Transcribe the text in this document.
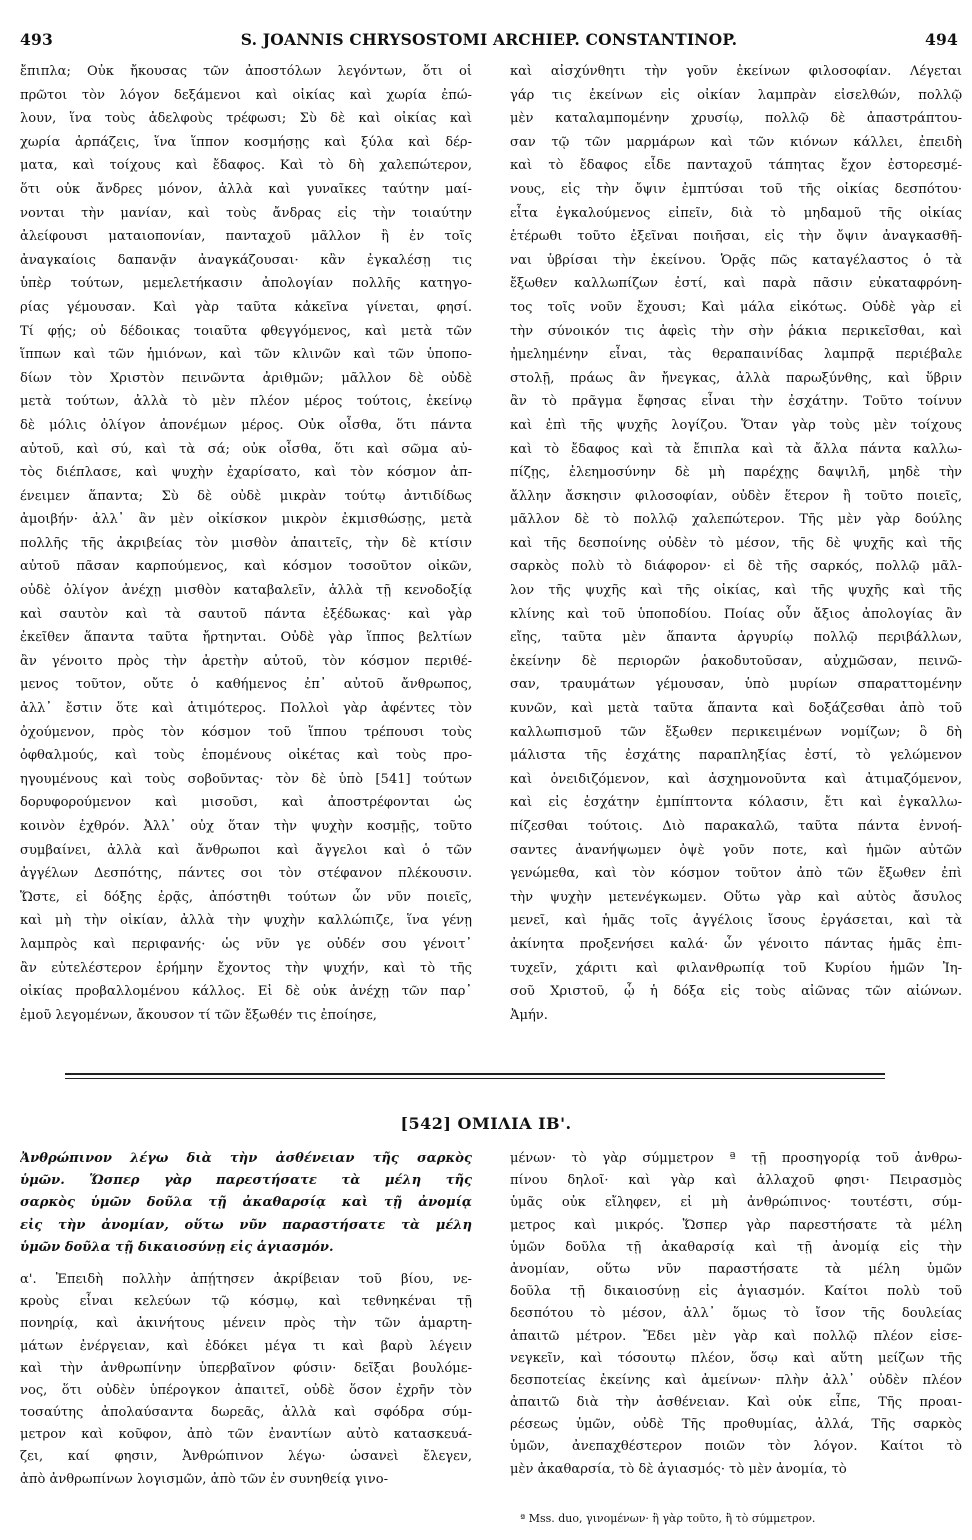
493	S. JOANNIS CHRYSOSTOMI ARCHIEP. CONSTANTINOP.	494
ἔπιπλα; Οὐκ ἤκουσας τῶν ἀποστόλων λεγόντων, ὅτι οἱ
πρῶτοι τὸν λόγον δεξάμενοι καὶ οἰκίας καὶ χωρία ἐπώ-
λουν, ἵνα τοὺς ἀδελφοὺς τρέφωσι; Σὺ δὲ καὶ οἰκίας καὶ
χωρία ἁρπάζεις, ἵνα ἵππον κοσμήσῃς καὶ ξύλα καὶ δέρ-
ματα, καὶ τοίχους καὶ ἔδαφος. Καὶ τὸ δὴ χαλεπώτερον,
ὅτι οὐκ ἄνδρες μόνον, ἀλλὰ καὶ γυναῖκες ταύτην μαί-
νονται τὴν μανίαν, καὶ τοὺς ἄνδρας εἰς τὴν τοιαύτην
ἀλείφουσι ματαιοπονίαν, πανταχοῦ μᾶλλον ἢ ἐν τοῖς
ἀναγκαίοις δαπανᾷν ἀναγκάζουσαι· κἂν ἐγκαλέσῃ τις
ὑπὲρ τούτων, μεμελετήκασιν ἀπολογίαν πολλῆς κατηγο-
ρίας γέμουσαν. Καὶ γὰρ ταῦτα κἀκεῖνα γίνεται, φησί.
Τί φῄς; οὐ δέδοικας τοιαῦτα φθεγγόμενος, καὶ μετὰ τῶν
ἵππων καὶ τῶν ἡμιόνων, καὶ τῶν κλινῶν καὶ τῶν ὑποπο-
δίων τὸν Χριστὸν πεινῶντα ἀριθμῶν; μᾶλλον δὲ οὐδὲ
μετὰ τούτων, ἀλλὰ τὸ μὲν πλέον μέρος τούτοις, ἐκείνῳ
δὲ μόλις ὀλίγον ἀπονέμων μέρος. Οὐκ οἶσθα, ὅτι πάντα
αὐτοῦ, καὶ σύ, καὶ τὰ σά; οὐκ οἶσθα, ὅτι καὶ σῶμα αὐ-
τὸς διέπλασε, καὶ ψυχὴν ἐχαρίσατο, καὶ τὸν κόσμον ἀπ-
ένειμεν ἅπαντα; Σὺ δὲ οὐδὲ μικρὰν τούτῳ ἀντιδίδως
ἀμοιβήν· ἀλλ᾽ ἂν μὲν οἰκίσκον μικρὸν ἐκμισθώσῃς, μετὰ
πολλῆς τῆς ἀκριβείας τὸν μισθὸν ἀπαιτεῖς, τὴν δὲ κτίσιν
αὐτοῦ πᾶσαν καρπούμενος, καὶ κόσμον τοσοῦτον οἰκῶν,
οὐδὲ ὀλίγον ἀνέχῃ μισθὸν καταβαλεῖν, ἀλλὰ τῇ κενοδοξίᾳ
καὶ σαυτὸν καὶ τὰ σαυτοῦ πάντα ἐξέδωκας· καὶ γὰρ
ἐκεῖθεν ἅπαντα ταῦτα ἤρτηνται. Οὐδὲ γὰρ ἵππος βελτίων
ἂν γένοιτο πρὸς τὴν ἀρετὴν αὐτοῦ, τὸν κόσμον περιθέ-
μενος τοῦτον, οὔτε ὁ καθήμενος ἐπ᾽ αὐτοῦ ἄνθρωπος,
ἀλλ᾽ ἔστιν ὅτε καὶ ἀτιμότερος. Πολλοὶ γὰρ ἀφέντες τὸν
ὀχούμενον, πρὸς τὸν κόσμον τοῦ ἵππου τρέπουσι τοὺς
ὀφθαλμούς, καὶ τοὺς ἑπομένους οἰκέτας καὶ τοὺς προ-
ηγουμένους καὶ τοὺς σοβοῦντας· τὸν δὲ ὑπὸ [541] τούτων
δορυφορούμενον καὶ μισοῦσι, καὶ ἀποστρέφονται ὡς
κοινὸν ἐχθρόν. Ἀλλ᾽ οὐχ ὅταν τὴν ψυχὴν κοσμῇς, τοῦτο
συμβαίνει, ἀλλὰ καὶ ἄνθρωποι καὶ ἄγγελοι καὶ ὁ τῶν
ἀγγέλων Δεσπότης, πάντες σοι τὸν στέφανον πλέκουσιν.
Ὥστε, εἰ δόξης ἐρᾷς, ἀπόστηθι τούτων ὧν νῦν ποιεῖς,
καὶ μὴ τὴν οἰκίαν, ἀλλὰ τὴν ψυχὴν καλλώπιζε, ἵνα γένῃ
λαμπρὸς καὶ περιφανής· ὡς νῦν γε οὐδέν σου γένοιτ᾽
ἂν εὐτελέστερον ἐρήμην ἔχοντος τὴν ψυχήν, καὶ τὸ τῆς
οἰκίας προβαλλομένου κάλλος. Εἰ δὲ οὐκ ἀνέχῃ τῶν παρ᾽
ἐμοῦ λεγομένων, ἄκουσον τί τῶν ἔξωθέν τις ἐποίησε,
καὶ αἰσχύνθητι τὴν γοῦν ἐκείνων φιλοσοφίαν. Λέγεται
γάρ τις ἐκείνων εἰς οἰκίαν λαμπρὰν εἰσελθών, πολλῷ
μὲν καταλαμπομένην χρυσίῳ, πολλῷ δὲ ἀπαστράπτου-
σαν τῷ τῶν μαρμάρων καὶ τῶν κιόνων κάλλει, ἐπειδὴ
καὶ τὸ ἔδαφος εἶδε πανταχοῦ τάπητας ἔχον ἐστορεσμέ-
νους, εἰς τὴν ὄψιν ἐμπτύσαι τοῦ τῆς οἰκίας δεσπότου·
εἶτα ἐγκαλούμενος εἰπεῖν, διὰ τὸ μηδαμοῦ τῆς οἰκίας
ἑτέρωθι τοῦτο ἐξεῖναι ποιῆσαι, εἰς τὴν ὄψιν ἀναγκασθῆ-
ναι ὑβρίσαι τὴν ἐκείνου. Ὁρᾷς πῶς καταγέλαστος ὁ τὰ
ἔξωθεν καλλωπίζων ἐστί, καὶ παρὰ πᾶσιν εὐκαταφρόνη-
τος τοῖς νοῦν ἔχουσι; Καὶ μάλα εἰκότως. Οὐδὲ γὰρ εἰ
τὴν σύνοικόν τις ἀφεὶς τὴν σὴν ῥάκια περικεῖσθαι, καὶ
ἠμελημένην εἶναι, τὰς θεραπαινίδας λαμπρᾷ περιέβαλε
στολῇ, πράως ἂν ἤνεγκας, ἀλλὰ παρωξύνθης, καὶ ὕβριν
ἂν τὸ πρᾶγμα ἔφησας εἶναι τὴν ἐσχάτην. Τοῦτο τοίνυν
καὶ ἐπὶ τῆς ψυχῆς λογίζου. Ὅταν γὰρ τοὺς μὲν τοίχους
καὶ τὸ ἔδαφος καὶ τὰ ἔπιπλα καὶ τὰ ἄλλα πάντα καλλω-
πίζῃς, ἐλεημοσύνην δὲ μὴ παρέχῃς δαψιλῆ, μηδὲ τὴν
ἄλλην ἄσκησιν φιλοσοφίαν, οὐδὲν ἕτερον ἢ τοῦτο ποιεῖς,
μᾶλλον δὲ τὸ πολλῷ χαλεπώτερον. Τῆς μὲν γὰρ δούλης
καὶ τῆς δεσποίνης οὐδὲν τὸ μέσον, τῆς δὲ ψυχῆς καὶ τῆς
σαρκὸς πολὺ τὸ διάφορον· εἰ δὲ τῆς σαρκός, πολλῷ μᾶλ-
λον τῆς ψυχῆς καὶ τῆς οἰκίας, καὶ τῆς ψυχῆς καὶ τῆς
κλίνης καὶ τοῦ ὑποποδίου. Ποίας οὖν ἄξιος ἀπολογίας ἂν
εἴης, ταῦτα μὲν ἅπαντα ἀργυρίῳ πολλῷ περιβάλλων,
ἐκείνην δὲ περιορῶν ῥακοδυτοῦσαν, αὐχμῶσαν, πεινῶ-
σαν, τραυμάτων γέμουσαν, ὑπὸ μυρίων σπαραττομένην
κυνῶν, καὶ μετὰ ταῦτα ἅπαντα καὶ δοξάζεσθαι ἀπὸ τοῦ
καλλωπισμοῦ τῶν ἔξωθεν περικειμένων νομίζων; ὃ δὴ
μάλιστα τῆς ἐσχάτης παραπληξίας ἐστί, τὸ γελώμενον
καὶ ὀνειδιζόμενον, καὶ ἀσχημονοῦντα καὶ ἀτιμαζόμενον,
καὶ εἰς ἐσχάτην ἐμπίπτοντα κόλασιν, ἔτι καὶ ἐγκαλλω-
πίζεσθαι τούτοις. Διὸ παρακαλῶ, ταῦτα πάντα ἐννοή-
σαντες ἀνανήψωμεν ὀψὲ γοῦν ποτε, καὶ ἡμῶν αὐτῶν
γενώμεθα, καὶ τὸν κόσμον τοῦτον ἀπὸ τῶν ἔξωθεν ἐπὶ
τὴν ψυχὴν μετενέγκωμεν. Οὕτω γὰρ καὶ αὐτὸς ἄσυλος
μενεῖ, καὶ ἡμᾶς τοῖς ἀγγέλοις ἴσους ἐργάσεται, καὶ τὰ
ἀκίνητα προξενήσει καλά· ὧν γένοιτο πάντας ἡμᾶς ἐπι-
τυχεῖν, χάριτι καὶ φιλανθρωπίᾳ τοῦ Κυρίου ἡμῶν Ἰη-
σοῦ Χριστοῦ, ᾧ ἡ δόξα εἰς τοὺς αἰῶνας τῶν αἰώνων.
Ἀμήν.
[542] ΟΜΙΛΙΑ ΙΒ'.
Ἀνθρώπινον λέγω διὰ τὴν ἀσθένειαν τῆς σαρκὸς
ὑμῶν. Ὥσπερ γὰρ παρεστήσατε τὰ μέλη τῆς
σαρκὸς ὑμῶν δοῦλα τῇ ἀκαθαρσίᾳ καὶ τῇ ἀνομίᾳ
εἰς τὴν ἀνομίαν, οὕτω νῦν παραστήσατε τὰ μέλη
ὑμῶν δοῦλα τῇ δικαιοσύνῃ εἰς ἁγιασμόν.
α'. Ἐπειδὴ πολλὴν ἀπῄτησεν ἀκρίβειαν τοῦ βίου, νε-
κροὺς εἶναι κελεύων τῷ κόσμῳ, καὶ τεθνηκέναι τῇ
πονηρίᾳ, καὶ ἀκινήτους μένειν πρὸς τὴν τῶν ἁμαρτη-
μάτων ἐνέργειαν, καὶ ἐδόκει μέγα τι καὶ βαρὺ λέγειν
καὶ τὴν ἀνθρωπίνην ὑπερβαῖνον φύσιν· δεῖξαι βουλόμε-
νος, ὅτι οὐδὲν ὑπέρογκον ἀπαιτεῖ, οὐδὲ ὅσον ἐχρῆν τὸν
τοσαύτης ἀπολαύσαντα δωρεᾶς, ἀλλὰ καὶ σφόδρα σύμ-
μετρον καὶ κοῦφον, ἀπὸ τῶν ἐναντίων αὐτὸ κατασκευά-
ζει, καί φησιν, Ἀνθρώπινον λέγω· ὡσανεὶ ἔλεγεν,
ἀπὸ ἀνθρωπίνων λογισμῶν, ἀπὸ τῶν ἐν συνηθείᾳ γινο-
μένων· τὸ γὰρ σύμμετρον ª τῇ προσηγορίᾳ τοῦ ἀνθρω-
πίνου δηλοῖ· καὶ γὰρ καὶ ἀλλαχοῦ φησι· Πειρασμὸς
ὑμᾶς οὐκ εἴληφεν, εἰ μὴ ἀνθρώπινος· τουτέστι, σύμ-
μετρος καὶ μικρός. Ὥσπερ γὰρ παρεστήσατε τὰ μέλη
ὑμῶν δοῦλα τῇ ἀκαθαρσίᾳ καὶ τῇ ἀνομίᾳ εἰς τὴν
ἀνομίαν, οὕτω νῦν παραστήσατε τὰ μέλη ὑμῶν
δοῦλα τῇ δικαιοσύνῃ εἰς ἁγιασμόν. Καίτοι πολὺ τοῦ
δεσπότου τὸ μέσον, ἀλλ᾽ ὅμως τὸ ἴσον τῆς δουλείας
ἀπαιτῶ μέτρον. Ἔδει μὲν γὰρ καὶ πολλῷ πλέον εἰσε-
νεγκεῖν, καὶ τόσουτῳ πλέον, ὅσῳ καὶ αὕτη μείζων τῆς
δεσποτείας ἐκείνης καὶ ἀμείνων· πλὴν ἀλλ᾽ οὐδὲν πλέον
ἀπαιτῶ διὰ τὴν ἀσθένειαν. Καὶ οὐκ εἶπε, Τῆς προαι-
ρέσεως ὑμῶν, οὐδὲ Τῆς προθυμίας, ἀλλά, Τῆς σαρκὸς
ὑμῶν, ἀνεπαχθέστερον ποιῶν τὸν λόγον. Καίτοι τὸ
μὲν ἀκαθαρσία, τὸ δὲ ἁγιασμός· τὸ μὲν ἀνομία, τὸ
ª Mss. duo, γινομένων· ἢ γὰρ τοῦτο, ἢ τὸ σύμμετρον.
